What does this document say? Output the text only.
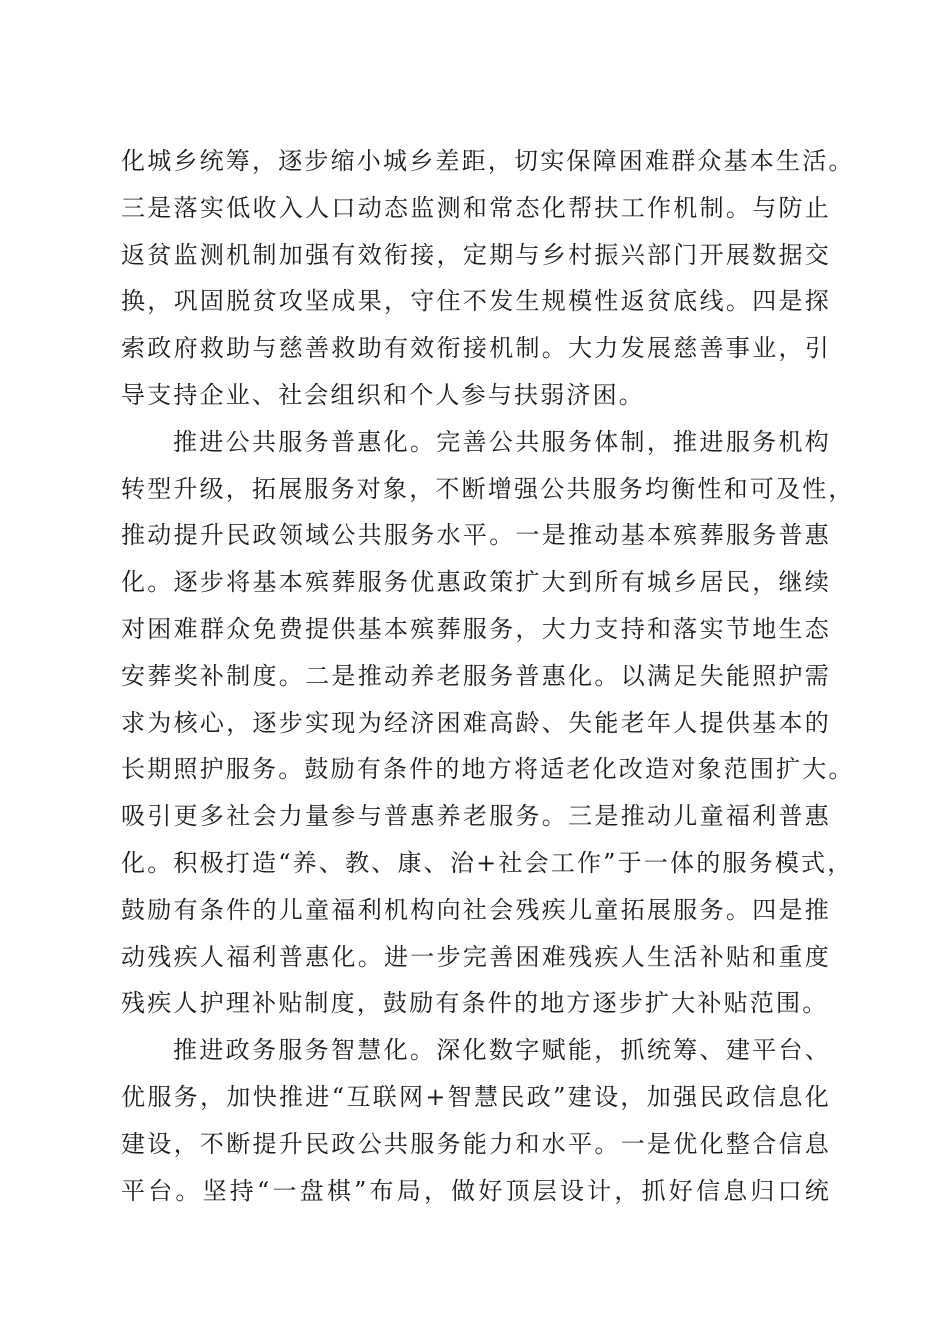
化城乡统筹，逐步缩小城乡差距，切实保障困难群众基本生活。
三是落实低收入人口动态监测和常态化帮扶工作机制。与防止
返贫监测机制加强有效衔接，定期与乡村振兴部门开展数据交
换，巩固脱贫攻坚成果，守住不发生规模性返贫底线。四是探
索政府救助与慈善救助有效衔接机制。大力发展慈善事业，引
导支持企业、社会组织和个人参与扶弱济困。
推进公共服务普惠化。完善公共服务体制，推进服务机构
转型升级，拓展服务对象，不断增强公共服务均衡性和可及性，
推动提升民政领域公共服务水平。一是推动基本殡葬服务普惠
化。逐步将基本殡葬服务优惠政策扩大到所有城乡居民，继续
对困难群众免费提供基本殡葬服务，大力支持和落实节地生态
安葬奖补制度。二是推动养老服务普惠化。以满足失能照护需
求为核心，逐步实现为经济困难高龄、失能老年人提供基本的
长期照护服务。鼓励有条件的地方将适老化改造对象范围扩大。
吸引更多社会力量参与普惠养老服务。三是推动儿童福利普惠
化。积极打造“养、教、康、治+社会工作”于一体的服务模式，
鼓励有条件的儿童福利机构向社会残疾儿童拓展服务。四是推
动残疾人福利普惠化。进一步完善困难残疾人生活补贴和重度
残疾人护理补贴制度，鼓励有条件的地方逐步扩大补贴范围。
推进政务服务智慧化。深化数字赋能，抓统筹、建平台、
优服务，加快推进“互联网+智慧民政”建设，加强民政信息化
建设，不断提升民政公共服务能力和水平。一是优化整合信息
平台。坚持“一盘棋”布局，做好顶层设计，抓好信息归口统
